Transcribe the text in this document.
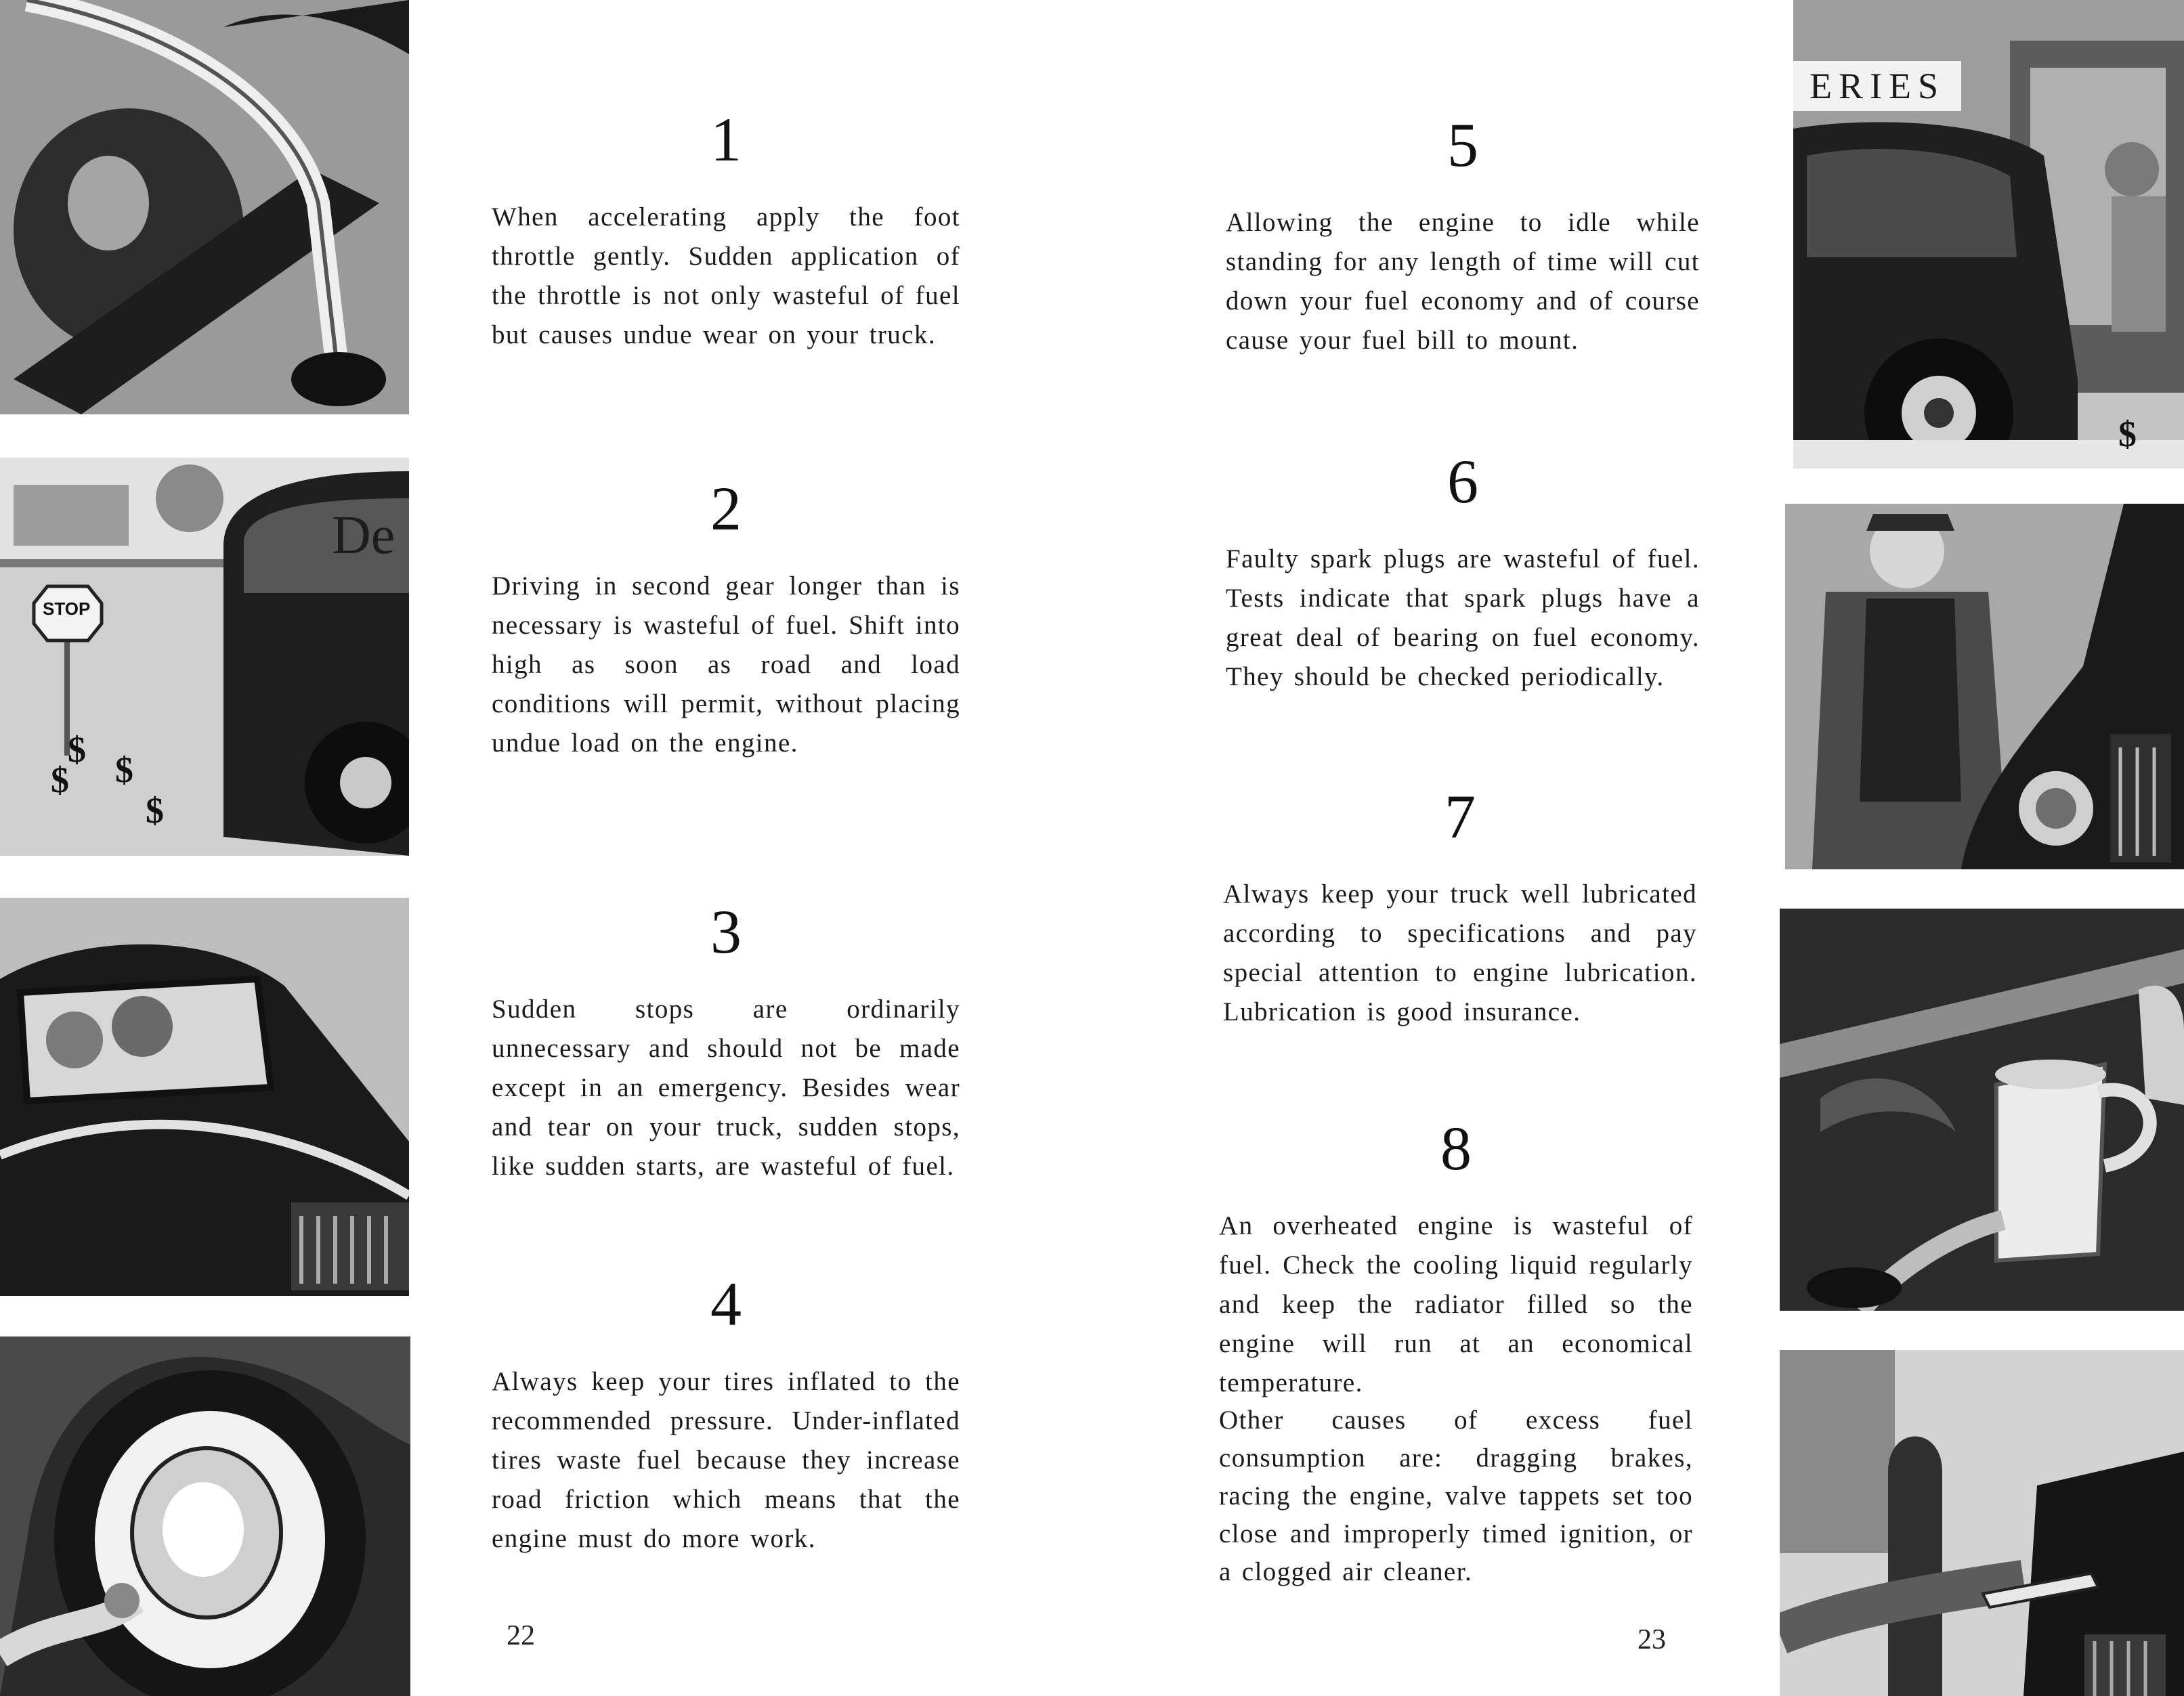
STOP
De
$ $
$
$
1

When accelerating apply the foot throttle gently. Sudden application of the throttle is not only wasteful of fuel but causes undue wear on your truck.

2

Driving in second gear longer than is necessary is wasteful of fuel. Shift into high as soon as road and load conditions will permit, without placing undue load on the engine.

3

Sudden stops are ordinarily unnecessary and should not be made except in an emergency. Besides wear and tear on your truck, sudden stops, like sudden starts, are wasteful of fuel.

4

Always keep your tires inflated to the recommended pressure. Under-inflated tires waste fuel because they increase road friction which means that the engine must do more work.

22
5

Allowing the engine to idle while standing for any length of time will cut down your fuel economy and of course cause your fuel bill to mount.

6

Faulty spark plugs are wasteful of fuel. Tests indicate that spark plugs have a great deal of bearing on fuel economy. They should be checked periodically.

7

Always keep your truck well lubricated according to specifications and pay special attention to engine lubrication. Lubrication is good insurance.

8

An overheated engine is wasteful of fuel. Check the cooling liquid regularly and keep the radiator filled so the engine will run at an economical temperature.

Other causes of excess fuel consumption are: dragging brakes, racing the engine, valve tappets set too close and improperly timed ignition, or a clogged air cleaner.

23
ERIES
$
